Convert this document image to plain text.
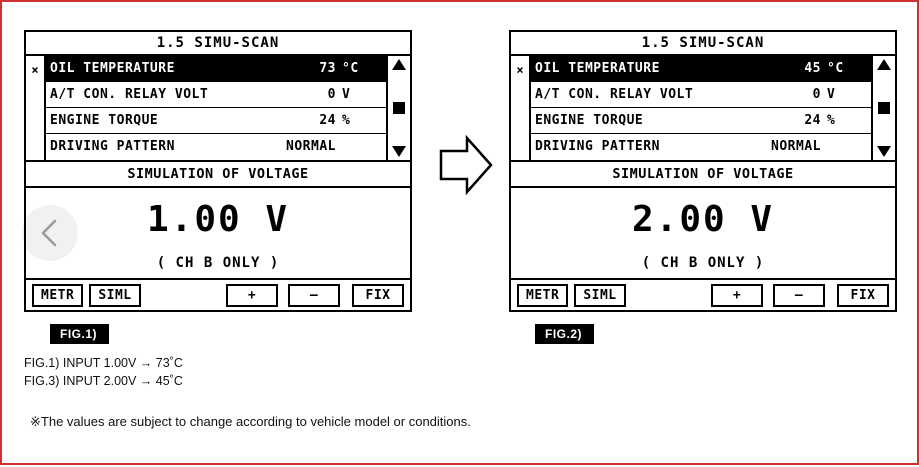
1.5 SIMU-SCAN
× OIL TEMPERATURE	73 °C
A/T CON. RELAY VOLT	0 V
ENGINE TORQUE	24 %
DRIVING PATTERN	NORMAL
SIMULATION OF VOLTAGE
1.00 V
( CH B ONLY )
METR	SIML	+	—	FIX
FIG.1)
1.5 SIMU-SCAN
× OIL TEMPERATURE	45 °C
A/T CON. RELAY VOLT	0 V
ENGINE TORQUE	24 %
DRIVING PATTERN	NORMAL
SIMULATION OF VOLTAGE
2.00 V
( CH B ONLY )
METR	SIML	+	—	FIX
FIG.2)
FIG.1) INPUT 1.00V → 73˚C
FIG.3) INPUT 2.00V → 45˚C
※The values are subject to change according to vehicle model or conditions.
